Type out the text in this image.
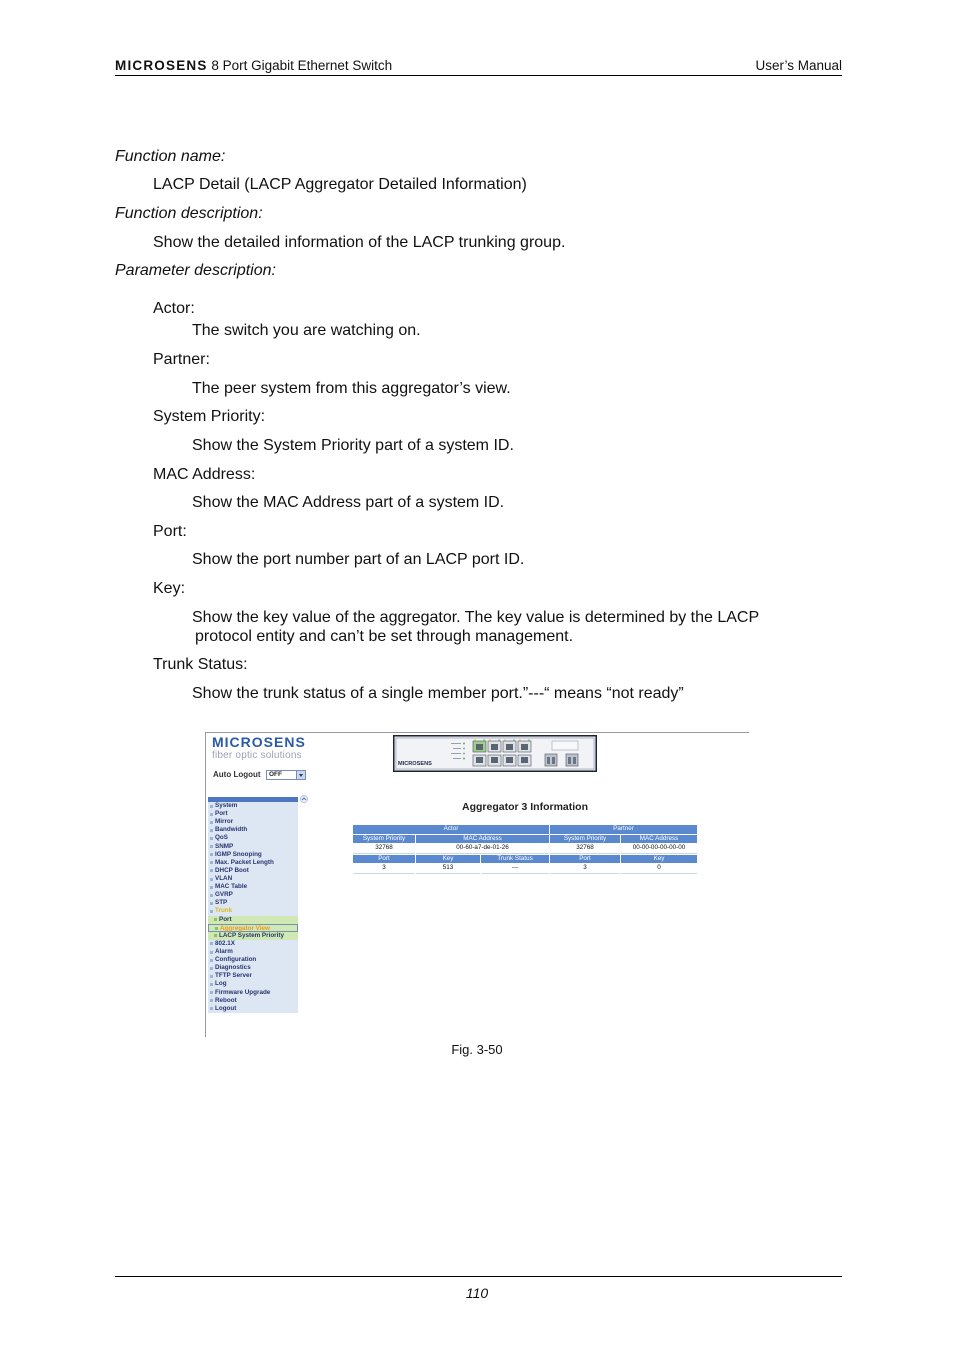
MICROSENS 8 Port Gigabit Ethernet Switch	User’s Manual
Function name:
LACP Detail (LACP Aggregator Detailed Information)
Function description:
Show the detailed information of the LACP trunking group.
Parameter description:
Actor:
The switch you are watching on.
Partner:
The peer system from this aggregator’s view.
System Priority:
Show the System Priority part of a system ID.
MAC Address:
Show the MAC Address part of a system ID.
Port:
Show the port number part of an LACP port ID.
Key:
Show the key value of the aggregator. The key value is determined by the LACP
protocol entity and can’t be set through management.
Trunk Status:
Show the trunk status of a single member port.”---“ means “not ready”
MICROSENS
fiber optic solutions
Auto Logout	OFF
MICROSENS
System
Port
Mirror
Bandwidth
QoS
SNMP
IGMP Snooping
Max. Packet Length
DHCP Boot
VLAN
MAC Table
GVRP
STP
Trunk
Port
Aggregator View
LACP System Priority
802.1X
Alarm
Configuration
Diagnostics
TFTP Server
Log
Firmware Upgrade
Reboot
Logout
Aggregator 3 Information
Actor			Partner	
System Priority	MAC Address		System Priority	MAC Address
32768	00-60-a7-de-01-26		32768	00-00-00-00-00-00
Port	Key	Trunk Status	Port	Key
3	513	---	3	0
Fig. 3-50
110
